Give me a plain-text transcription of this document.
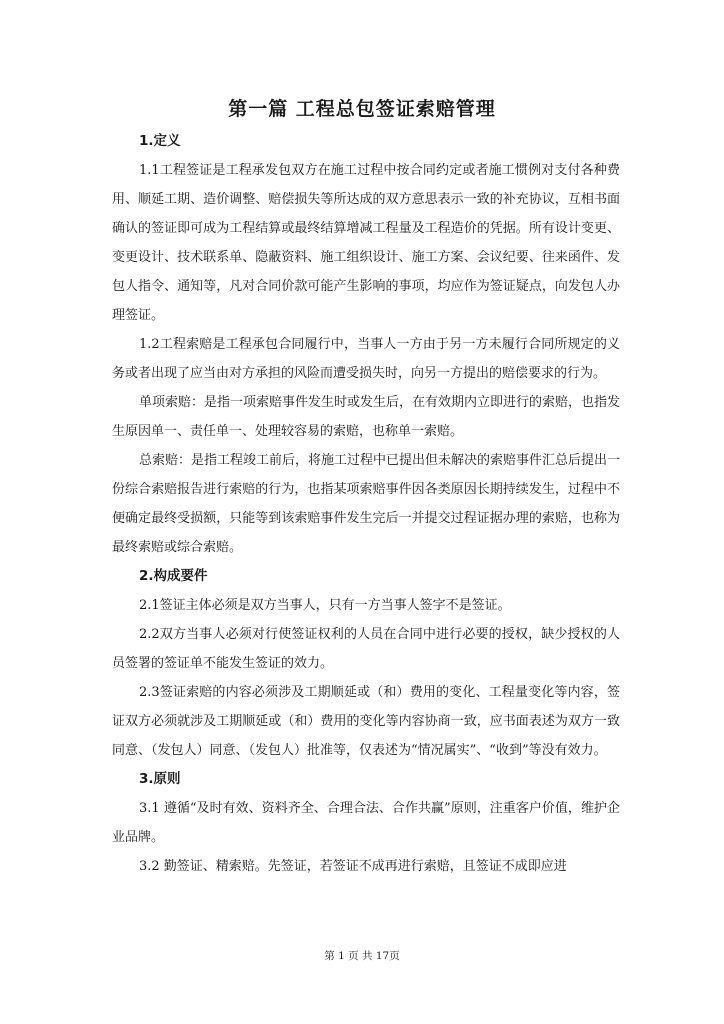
第一篇 工程总包签证索赔管理
1.定义
1.1工程签证是工程承发包双方在施工过程中按合同约定或者施工惯例对支付各种费用、顺延工期、造价调整、赔偿损失等所达成的双方意思表示一致的补充协议，互相书面确认的签证即可成为工程结算或最终结算增减工程量及工程造价的凭据。所有设计变更、变更设计、技术联系单、隐蔽资料、施工组织设计、施工方案、会议纪要、往来函件、发包人指令、通知等，凡对合同价款可能产生影响的事项，均应作为签证疑点，向发包人办理签证。
1.2工程索赔是工程承包合同履行中，当事人一方由于另一方未履行合同所规定的义务或者出现了应当由对方承担的风险而遭受损失时，向另一方提出的赔偿要求的行为。
单项索赔：是指一项索赔事件发生时或发生后，在有效期内立即进行的索赔，也指发生原因单一、责任单一、处理较容易的索赔，也称单一索赔。
总索赔：是指工程竣工前后，将施工过程中已提出但未解决的索赔事件汇总后提出一份综合索赔报告进行索赔的行为，也指某项索赔事件因各类原因长期持续发生，过程中不便确定最终受损额，只能等到该索赔事件发生完后一并提交过程证据办理的索赔，也称为最终索赔或综合索赔。
2.构成要件
2.1签证主体必须是双方当事人，只有一方当事人签字不是签证。
2.2双方当事人必须对行使签证权利的人员在合同中进行必要的授权，缺少授权的人员签署的签证单不能发生签证的效力。
2.3签证索赔的内容必须涉及工期顺延或（和）费用的变化、工程量变化等内容，签证双方必须就涉及工期顺延或（和）费用的变化等内容协商一致，应书面表述为双方一致同意、（发包人）同意、（发包人）批准等，仅表述为“情况属实”、“收到”等没有效力。
3.原则
3.1 遵循“及时有效、资料齐全、合理合法、合作共赢”原则，注重客户价值，维护企业品牌。
3.2 勤签证、精索赔。先签证，若签证不成再进行索赔，且签证不成即应进
第 1 页 共 17页
